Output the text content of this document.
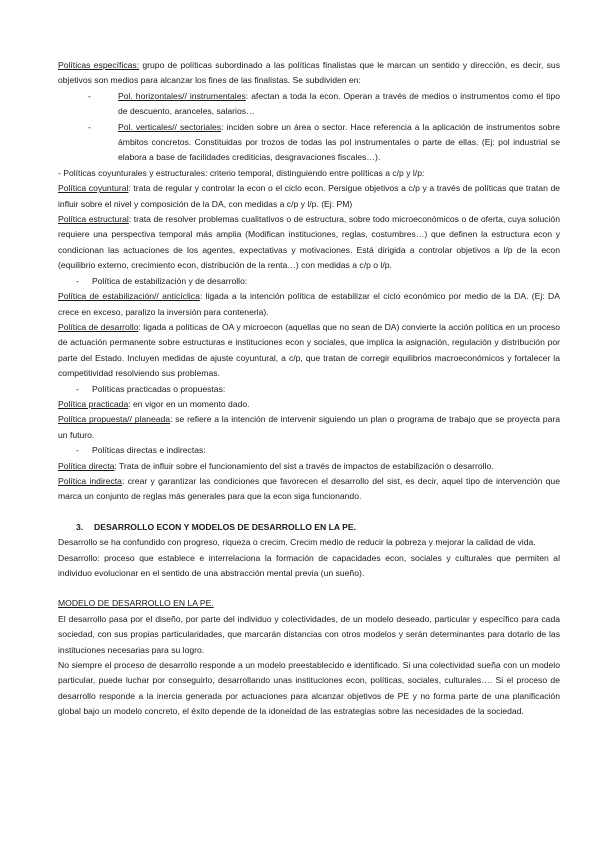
Políticas específicas: grupo de políticas subordinado a las políticas finalistas que le marcan un sentido y dirección, es decir, sus objetivos son medios para alcanzar los fines de las finalistas. Se subdividen en:

-	Pol. horizontales// instrumentales: afectan a toda la econ. Operan a través de medios o instrumentos como el tipo de descuento, aranceles, salarios…

-	Pol. verticales// sectoriales: inciden sobre un área o sector. Hace referencia a la aplicación de instrumentos sobre ámbitos concretos. Constituidas por trozos de todas las pol instrumentales o parte de ellas. (Ej: pol industrial se elabora a base de facilidades crediticias, desgravaciones fiscales…).

- Políticas coyunturales y estructurales: criterio temporal, distinguiendo entre políticas a c/p y l/p:

Política coyuntural: trata de regular y controlar la econ o el ciclo econ. Persigue objetivos a c/p y a través de políticas que tratan de influir sobre el nivel y composición de la DA, con medidas a c/p y l/p. (Ej: PM)

Política estructural: trata de resolver problemas cualitativos o de estructura, sobre todo microeconómicos o de oferta, cuya solución requiere una perspectiva temporal más amplia (Modifican instituciones, reglas, costumbres…) que definen la estructura econ y condicionan las actuaciones de los agentes, expectativas y motivaciones. Está dirigida a controlar objetivos a l/p de la econ (equilibrio externo, crecimiento econ, distribución de la renta…) con medidas a c/p o l/p.

- Política de estabilización y de desarrollo:

Política de estabilización// anticíclica: ligada a la intención política de estabilizar el ciclo económico por medio de la DA. (Ej: DA crece en exceso, paralizo la inversión para contenerla).

Política de desarrollo: ligada a políticas de OA y microecon (aquellas que no sean de DA) convierte la acción política en un proceso de actuación permanente sobre estructuras e instituciones econ y sociales, que implica la asignación, regulación y distribución por parte del Estado. Incluyen medidas de ajuste coyuntural, a c/p, que tratan de corregir equilibrios macroeconómicos y fortalecer la competitividad resolviendo sus problemas.

- Políticas practicadas o propuestas:

Política practicada: en vigor en un momento dado.

Política propuesta// planeada: se refiere a la intención de intervenir siguiendo un plan o programa de trabajo que se proyecta para un futuro.

- Políticas directas e indirectas:

Política directa: Trata de influir sobre el funcionamiento del sist a través de impactos de estabilización o desarrollo.

Política indirecta: crear y garantizar las condiciones que favorecen el desarrollo del sist, es decir, aquel tipo de intervención que marca un conjunto de reglas más generales para que la econ siga funcionando.

3. DESARROLLO ECON Y MODELOS DE DESARROLLO EN LA PE.

Desarrollo se ha confundido con progreso, riqueza o crecim. Crecim medio de reducir la pobreza y mejorar la calidad de vida.

Desarrollo: proceso que establece e interrelaciona la formación de capacidades econ, sociales y culturales que permiten al individuo evolucionar en el sentido de una abstracción mental previa (un sueño).

MODELO DE DESARROLLO EN LA PE.

El desarrollo pasa por el diseño, por parte del individuo y colectividades, de un modelo deseado, particular y específico para cada sociedad, con sus propias particularidades, que marcarán distancias con otros modelos y serán determinantes para dotarlo de las instituciones necesarias para su logro.

No siempre el proceso de desarrollo responde a un modelo preestablecido e identificado. Si una colectividad sueña con un modelo particular, puede luchar por conseguirlo, desarrollando unas instituciones econ, políticas, sociales, culturales…. Si el proceso de desarrollo responde a la inercia generada por actuaciones para alcanzar objetivos de PE y no forma parte de una planificación global bajo un modelo concreto, el éxito depende de la idoneidad de las estrategias sobre las necesidades de la sociedad.
